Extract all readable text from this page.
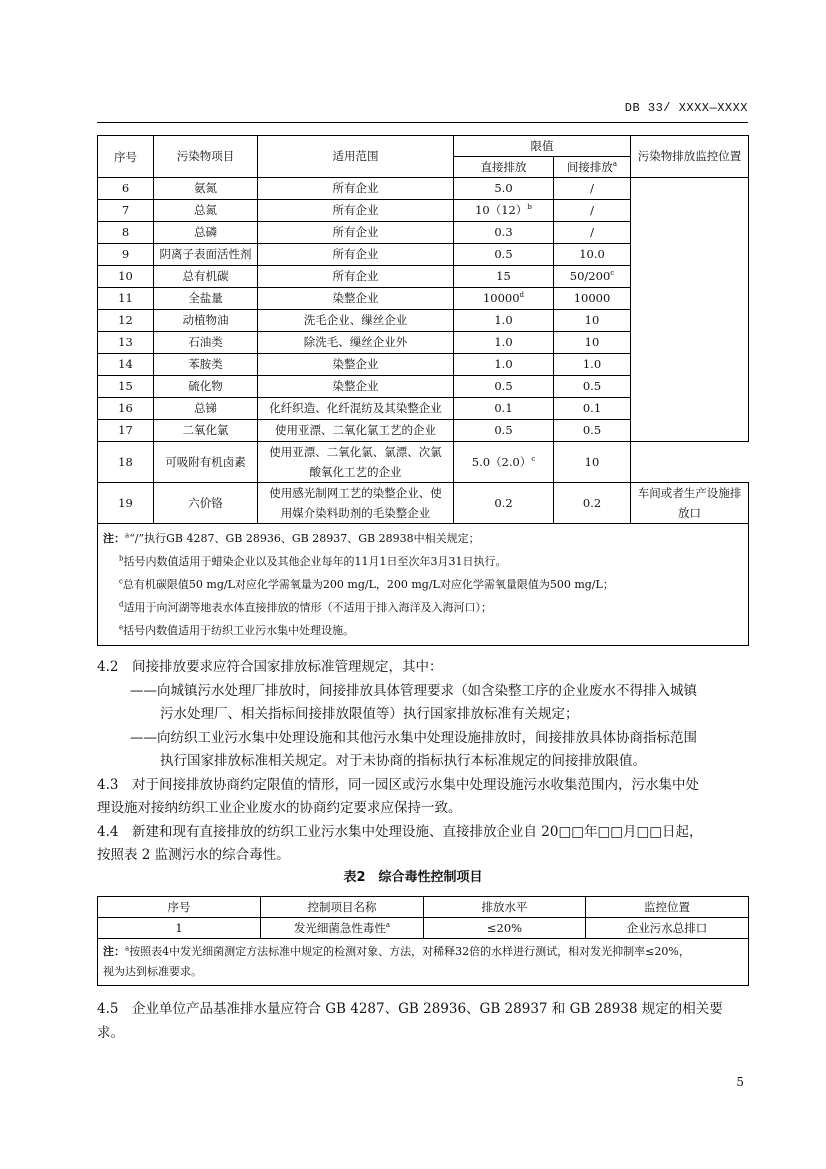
DB 33/ XXXX—XXXX
序号	污染物项目	适用范围	限值		污染物排放监控位置
			直接排放	间接排放$^a$
6	氨氮	所有企业	5.0	/	
7	总氮	所有企业	$10(12)^b$	/	
8	总磷	所有企业	0.3	/	
9	阴离子表面活性剂	所有企业	0.5	10.0	
10	总有机碳	所有企业	15	50/200$^c$
11	全盐量	染整企业	10000$^d$	10000	
12	动植物油	洗毛企业、缫丝企业	1.0	10	
13	石油类	除洗毛、缫丝企业外	1.0	10	
14	苯胺类	染整企业	1.0	1.0	
15	硫化物	染整企业	0.5	0.5	
16	总锑	化纤织造、化纤混纺及其染整企业	0.1	0.1	
17	二氧化氯	使用亚漂、二氧化氯工艺的企业	0.5	0.5	
18	可吸附有机卤素	使用亚漂、二氧化氯、氯漂、次氯
酸氧化工艺的企业	$5.0(2.0)^c$	10	
19	六价铬	使用感光制网工艺的染整企业、使
用媒介染料助剂的毛染整企业	0.2	0.2	车间或者生产设施排
放口

注：$^a$“/”执行GB 4287、GB 28936、GB 28937、GB 28938中相关规定；
$^b$括号内数值适用于蜡染企业以及其他企业每年的11月1日至次年3月31日执行。
$^c$总有机碳限值50 mg/L对应化学需氧量为200 mg/L，200 mg/L对应化学需氧量限值为500 mg/L；
$^d$适用于向河湖等地表水体直接排放的情形（不适用于排入海洋及入海河口）；
$^e$括号内数值适用于纺织工业污水集中处理设施。					

4.2　间接排放要求应符合国家排放标准管理规定，其中：

——向城镇污水处理厂排放时，间接排放具体管理要求（如含染整工序的企业废水不得排入城镇

污水处理厂、相关指标间接排放限值等）执行国家排放标准有关规定；

——向纺织工业污水集中处理设施和其他污水集中处理设施排放时，间接排放具体协商指标范围

执行国家排放标准相关规定。对于未协商的指标执行本标准规定的间接排放限值。

4.3　对于间接排放协商约定限值的情形，同一园区或污水集中处理设施污水收集范围内，污水集中处

理设施对接纳纺织工业企业废水的协商约定要求应保持一致。

4.4　新建和现有直接排放的纺织工业污水集中处理设施、直接排放企业自 20□□年□□月□□日起，

按照表 2 监测污水的综合毒性。

表2　综合毒性控制项目
序号	控制项目名称	排放水平	监控位置
1	发光细菌急性毒性$^a$	≤20%	企业污水总排口
注：$^a$按照表4中发光细菌测定方法标准中规定的检测对象、方法，对稀释32倍的水样进行测试，相对发光抑制率≤20%，
视为达到标准要求。			

4.5　企业单位产品基准排水量应符合 GB 4287、GB 28936、GB 28937 和 GB 28938 规定的相关要求。

5
